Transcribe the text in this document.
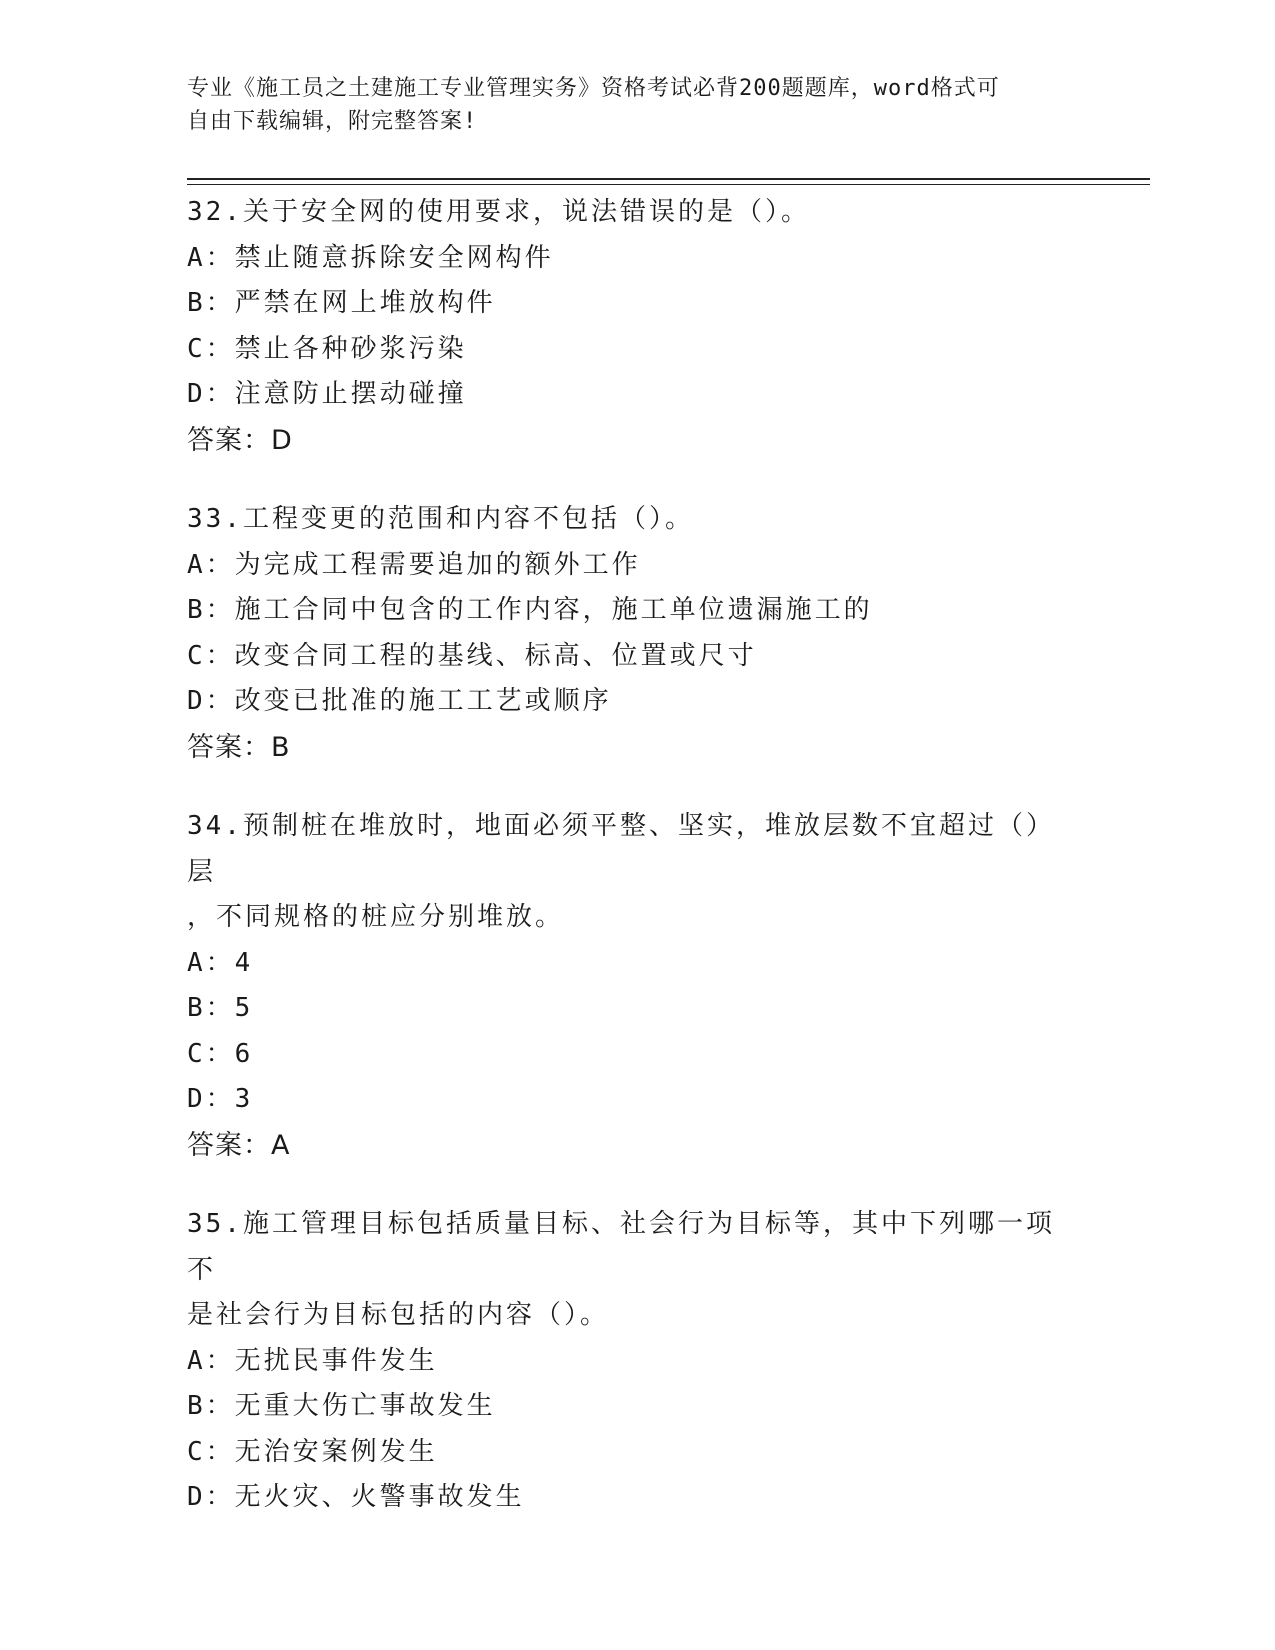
专业《施工员之土建施工专业管理实务》资格考试必背200题题库，word格式可
自由下载编辑，附完整答案!
32.关于安全网的使用要求，说法错误的是（）。
A：禁止随意拆除安全网构件
B：严禁在网上堆放构件
C：禁止各种砂浆污染
D：注意防止摆动碰撞
答案：D
33.工程变更的范围和内容不包括（）。
A：为完成工程需要追加的额外工作
B：施工合同中包含的工作内容，施工单位遗漏施工的
C：改变合同工程的基线、标高、位置或尺寸
D：改变已批准的施工工艺或顺序
答案：B
34.预制桩在堆放时，地面必须平整、坚实，堆放层数不宜超过（）层
，不同规格的桩应分别堆放。
A：4
B：5
C：6
D：3
答案：A
35.施工管理目标包括质量目标、社会行为目标等，其中下列哪一项不
是社会行为目标包括的内容（）。
A：无扰民事件发生
B：无重大伤亡事故发生
C：无治安案例发生
D：无火灾、火警事故发生
